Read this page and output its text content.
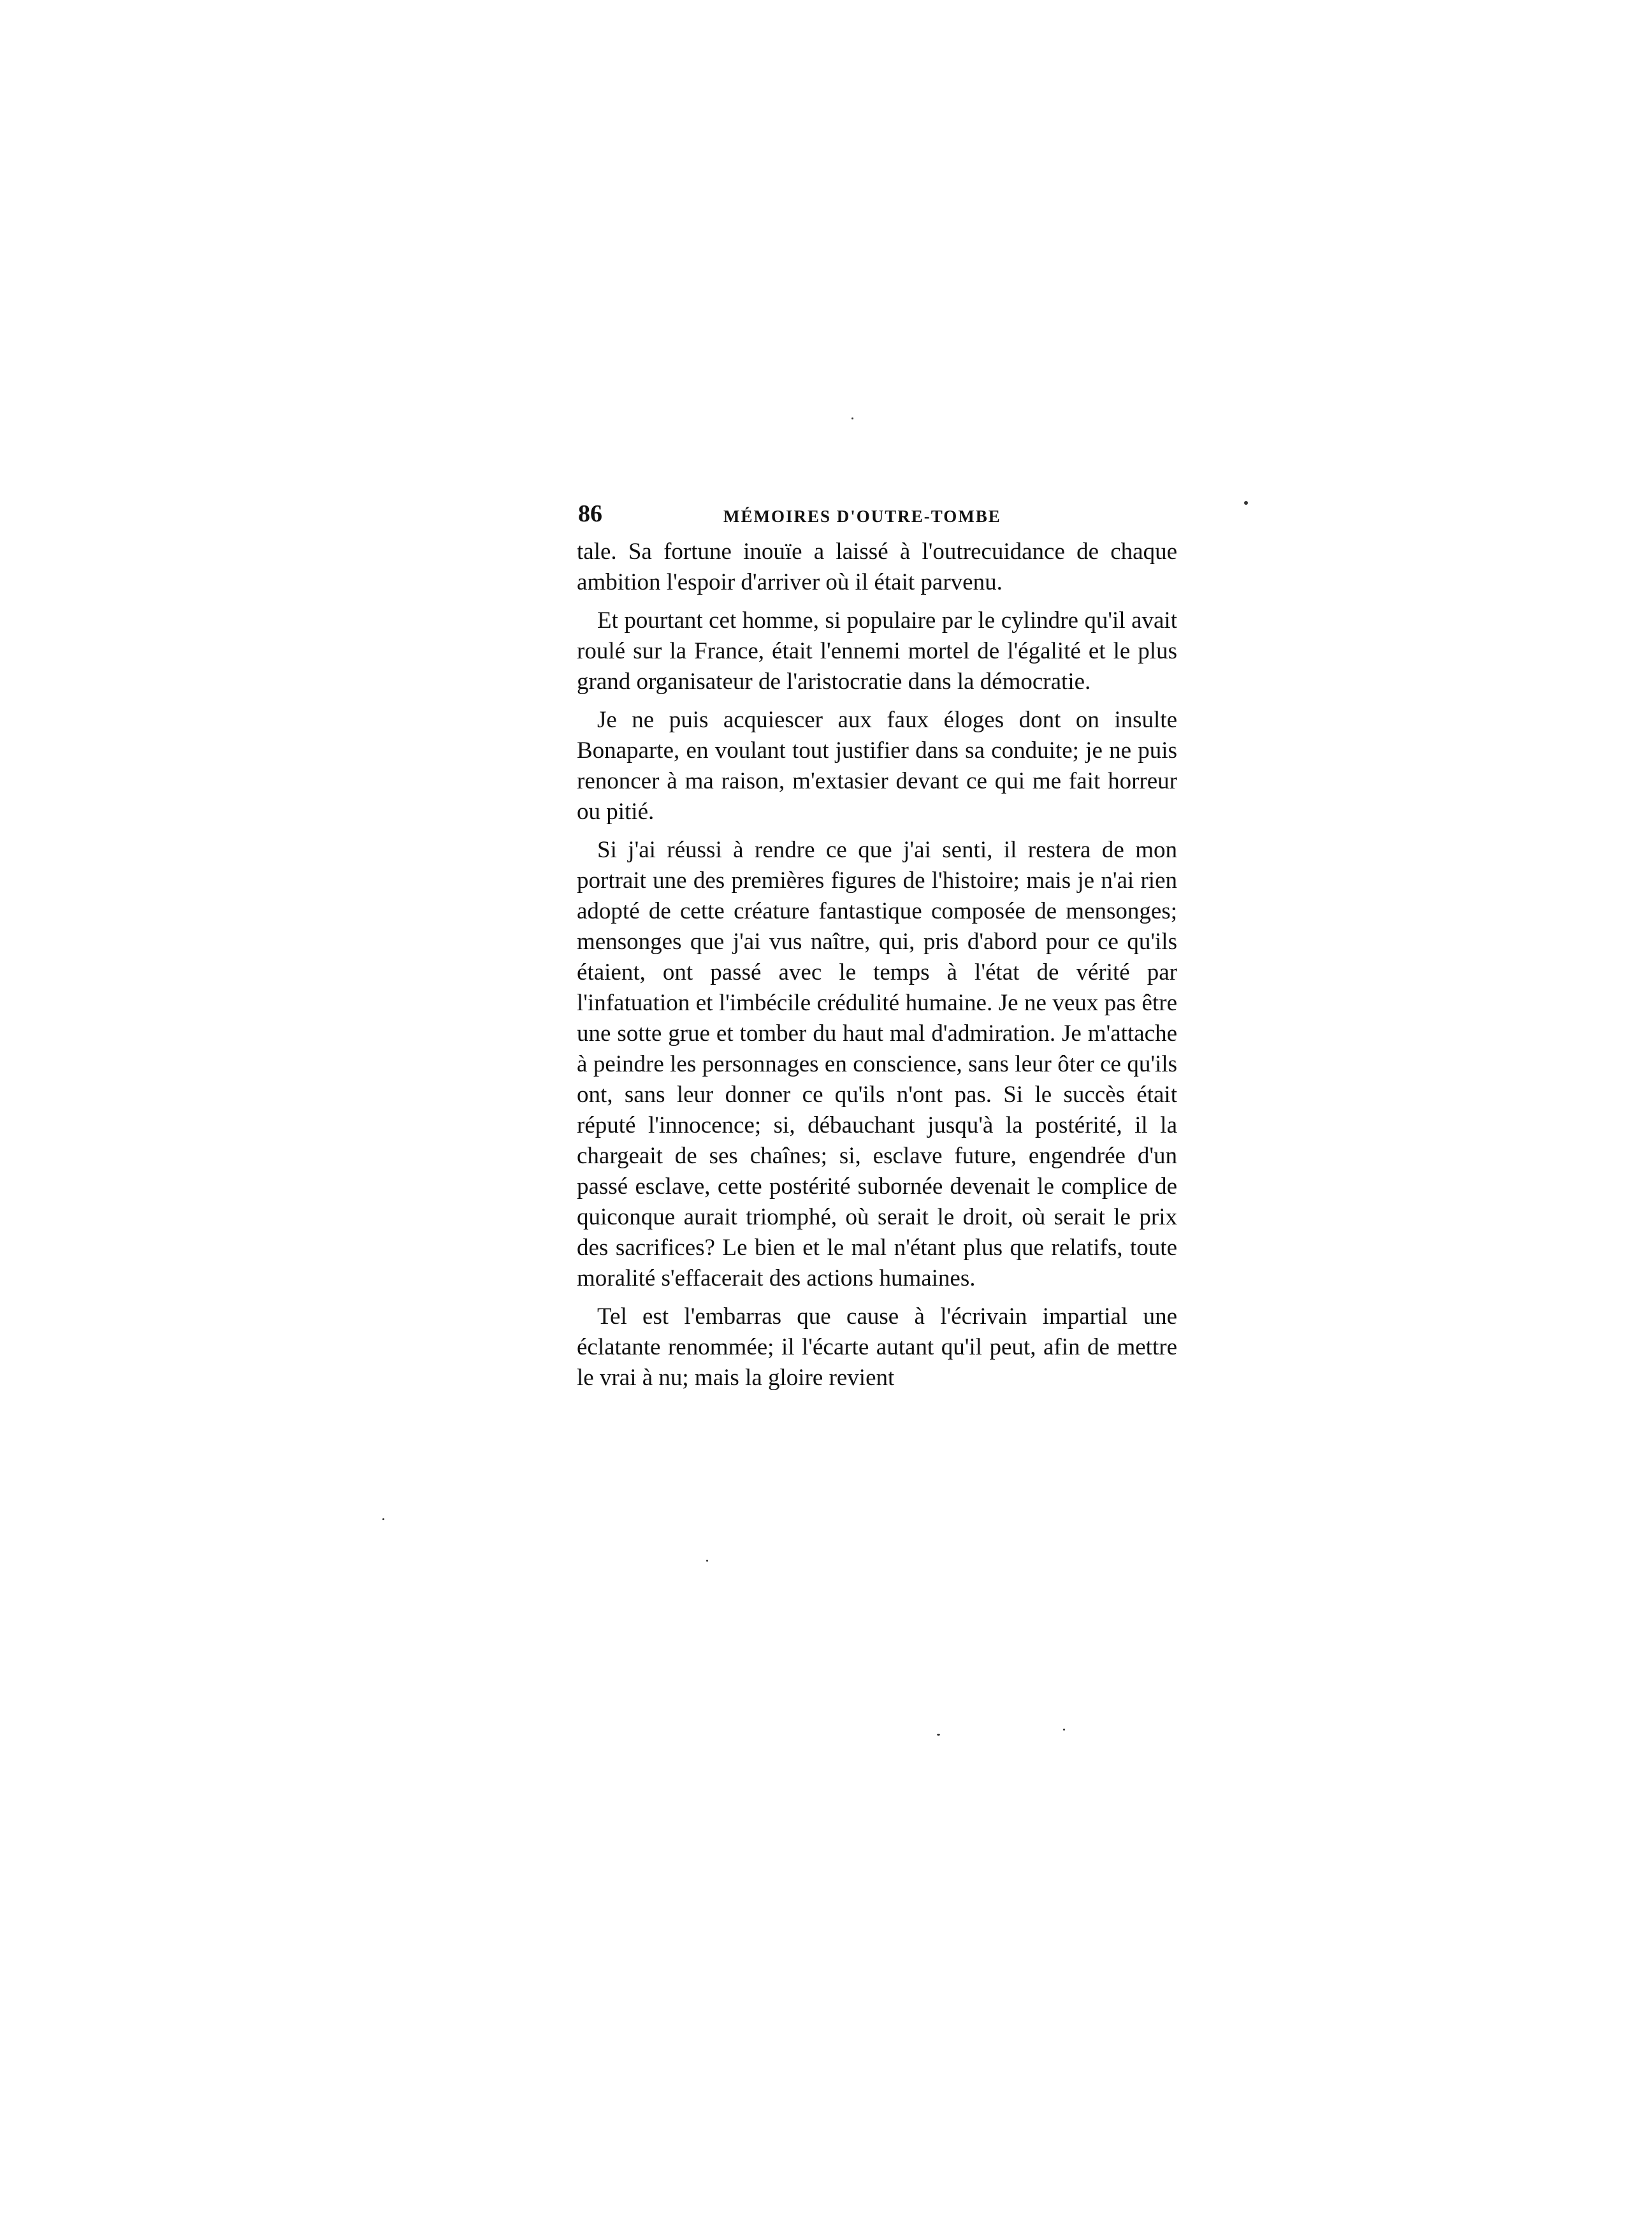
86	MÉMOIRES D'OUTRE-TOMBE

tale. Sa fortune inouïe a laissé à l'outrecuidance de chaque ambition l'espoir d'arriver où il était parvenu.

Et pourtant cet homme, si populaire par le cylindre qu'il avait roulé sur la France, était l'ennemi mortel de l'égalité et le plus grand organisateur de l'aristocratie dans la démocratie.

Je ne puis acquiescer aux faux éloges dont on insulte Bonaparte, en voulant tout justifier dans sa conduite; je ne puis renoncer à ma raison, m'extasier devant ce qui me fait horreur ou pitié.

Si j'ai réussi à rendre ce que j'ai senti, il restera de mon portrait une des premières figures de l'histoire; mais je n'ai rien adopté de cette créature fantastique composée de mensonges; mensonges que j'ai vus naître, qui, pris d'abord pour ce qu'ils étaient, ont passé avec le temps à l'état de vérité par l'infatuation et l'imbécile crédulité humaine. Je ne veux pas être une sotte grue et tomber du haut mal d'admiration. Je m'attache à peindre les personnages en conscience, sans leur ôter ce qu'ils ont, sans leur donner ce qu'ils n'ont pas. Si le succès était réputé l'innocence; si, débauchant jusqu'à la postérité, il la chargeait de ses chaînes; si, esclave future, engendrée d'un passé esclave, cette postérité subornée devenait le complice de quiconque aurait triomphé, où serait le droit, où serait le prix des sacrifices? Le bien et le mal n'étant plus que relatifs, toute moralité s'effacerait des actions humaines.

Tel est l'embarras que cause à l'écrivain impartial une éclatante renommée; il l'écarte autant qu'il peut, afin de mettre le vrai à nu; mais la gloire revient
